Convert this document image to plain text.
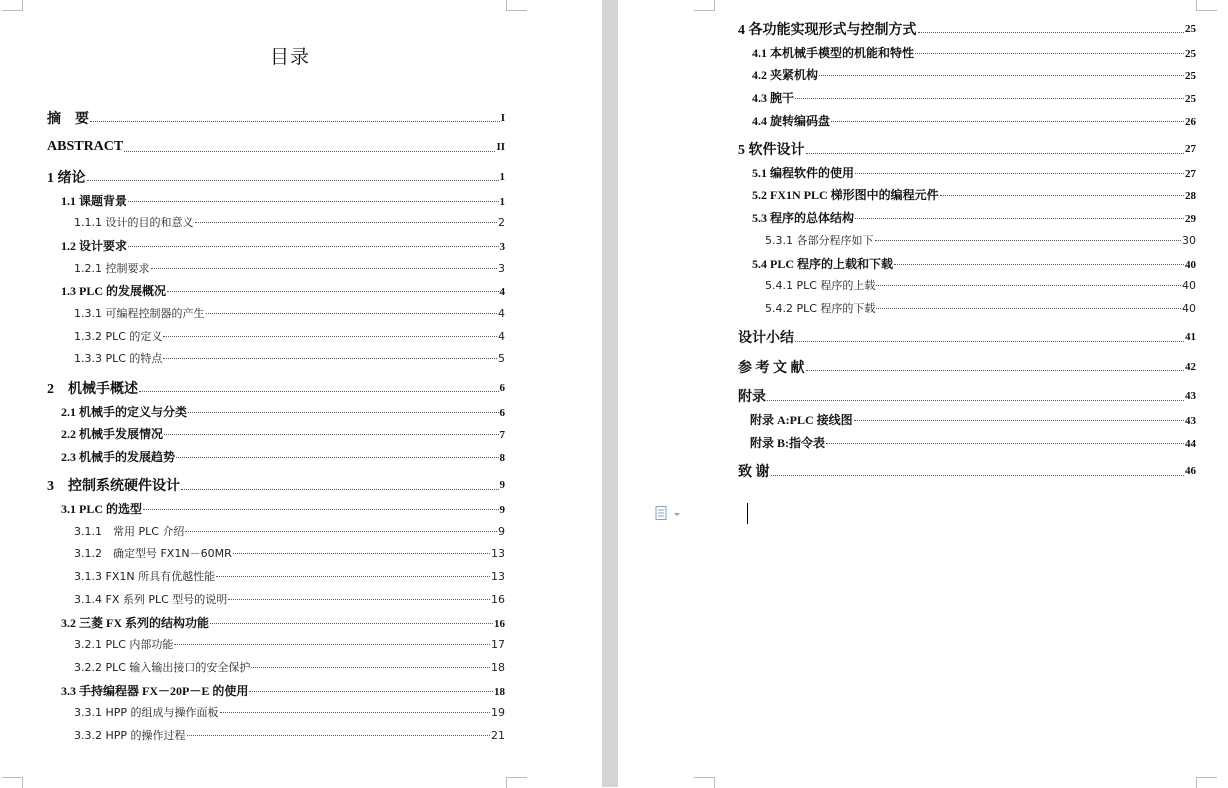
目录
摘　要	I
ABSTRACT	II
1 绪论	1
1.1 课题背景	1
1.1.1 设计的目的和意义	2
1.2 设计要求	3
1.2.1 控制要求	3
1.3 PLC 的发展概况	4
1.3.1 可编程控制器的产生	4
1.3.2 PLC 的定义	4
1.3.3 PLC 的特点	5
2　机械手概述	6
2.1 机械手的定义与分类	6
2.2 机械手发展情况	7
2.3 机械手的发展趋势	8
3　控制系统硬件设计	9
3.1 PLC 的选型	9
3.1.1　常用 PLC 介绍	9
3.1.2　确定型号 FX1N－60MR	13
3.1.3 FX1N 所具有优越性能	13
3.1.4 FX 系列 PLC 型号的说明	16
3.2 三菱 FX 系列的结构功能	16
3.2.1 PLC 内部功能	17
3.2.2 PLC 输入输出接口的安全保护	18
3.3 手持编程器 FX－20P－E 的使用	18
3.3.1 HPP 的组成与操作面板	19
3.3.2 HPP 的操作过程	21
4 各功能实现形式与控制方式	25
4.1 本机械手模型的机能和特性	25
4.2 夹紧机构	25
4.3 腕干	25
4.4 旋转编码盘	26
5 软件设计	27
5.1 编程软件的使用	27
5.2 FX1N PLC 梯形图中的编程元件	28
5.3 程序的总体结构	29
5.3.1 各部分程序如下	30
5.4 PLC 程序的上载和下载	40
5.4.1 PLC 程序的上载	40
5.4.2 PLC 程序的下载	40
设计小结	41
参 考 文 献	42
附录	43
附录 A:PLC 接线图	43
附录 B:指令表	44
致 谢	46
